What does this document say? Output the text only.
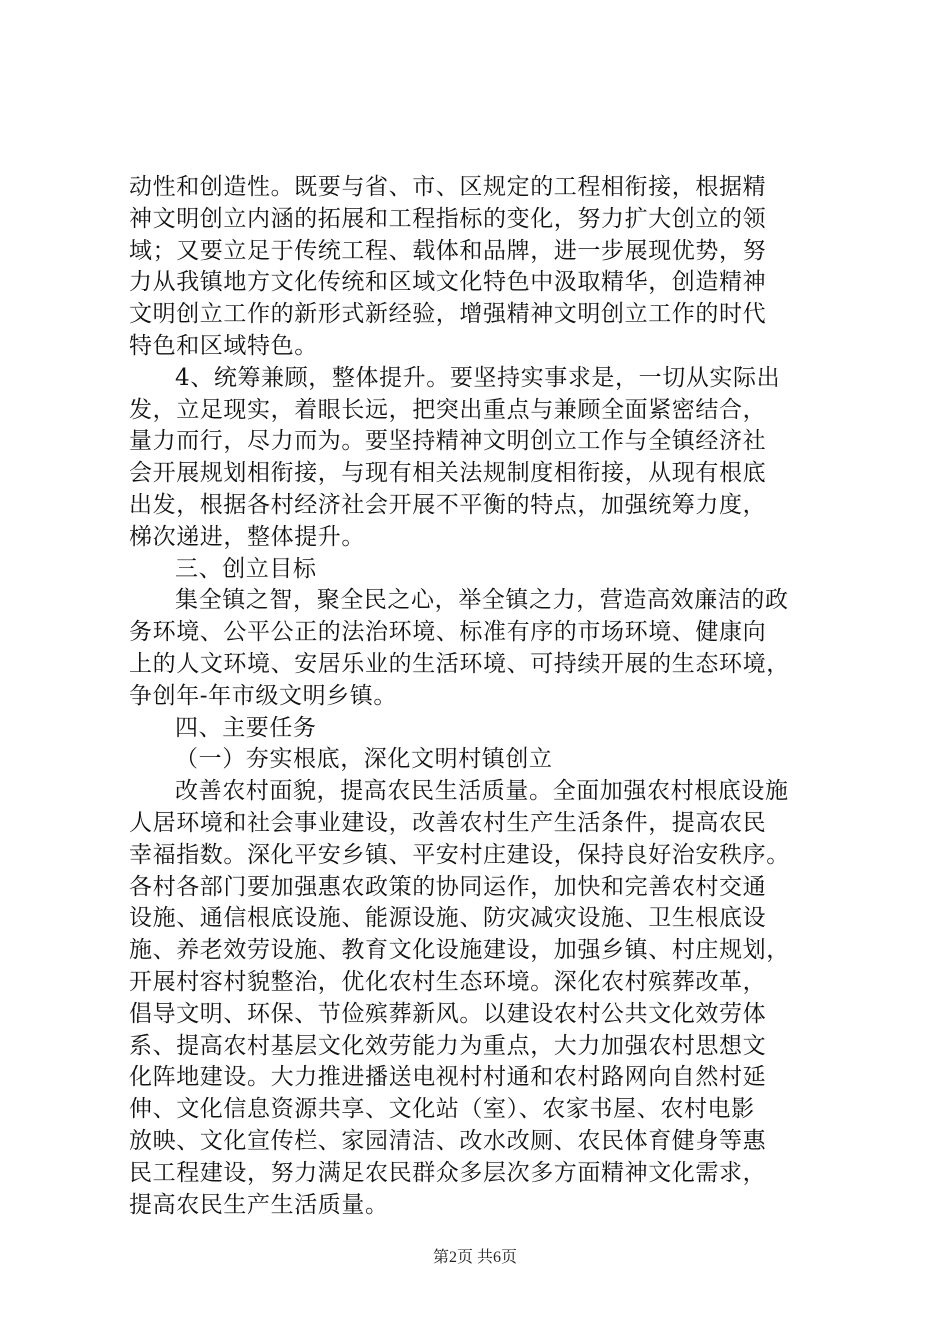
动性和创造性。既要与省、市、区规定的工程相衔接，根据精
神文明创立内涵的拓展和工程指标的变化，努力扩大创立的领
域；又要立足于传统工程、载体和品牌，进一步展现优势，努
力从我镇地方文化传统和区域文化特色中汲取精华，创造精神
文明创立工作的新形式新经验，增强精神文明创立工作的时代
特色和区域特色。
4、统筹兼顾，整体提升。要坚持实事求是，一切从实际出
发，立足现实，着眼长远，把突出重点与兼顾全面紧密结合，
量力而行，尽力而为。要坚持精神文明创立工作与全镇经济社
会开展规划相衔接，与现有相关法规制度相衔接，从现有根底
出发，根据各村经济社会开展不平衡的特点，加强统筹力度，
梯次递进，整体提升。
三、创立目标
集全镇之智，聚全民之心，举全镇之力，营造高效廉洁的政
务环境、公平公正的法治环境、标准有序的市场环境、健康向
上的人文环境、安居乐业的生活环境、可持续开展的生态环境，
争创年-年市级文明乡镇。
四、主要任务
（一）夯实根底，深化文明村镇创立
改善农村面貌，提高农民生活质量。全面加强农村根底设施
人居环境和社会事业建设，改善农村生产生活条件，提高农民
幸福指数。深化平安乡镇、平安村庄建设，保持良好治安秩序。
各村各部门要加强惠农政策的协同运作，加快和完善农村交通
设施、通信根底设施、能源设施、防灾减灾设施、卫生根底设
施、养老效劳设施、教育文化设施建设，加强乡镇、村庄规划，
开展村容村貌整治，优化农村生态环境。深化农村殡葬改革，
倡导文明、环保、节俭殡葬新风。以建设农村公共文化效劳体
系、提高农村基层文化效劳能力为重点，大力加强农村思想文
化阵地建设。大力推进播送电视村村通和农村路网向自然村延
伸、文化信息资源共享、文化站（室）、农家书屋、农村电影
放映、文化宣传栏、家园清洁、改水改厕、农民体育健身等惠
民工程建设，努力满足农民群众多层次多方面精神文化需求，
提高农民生产生活质量。
第2页 共6页
